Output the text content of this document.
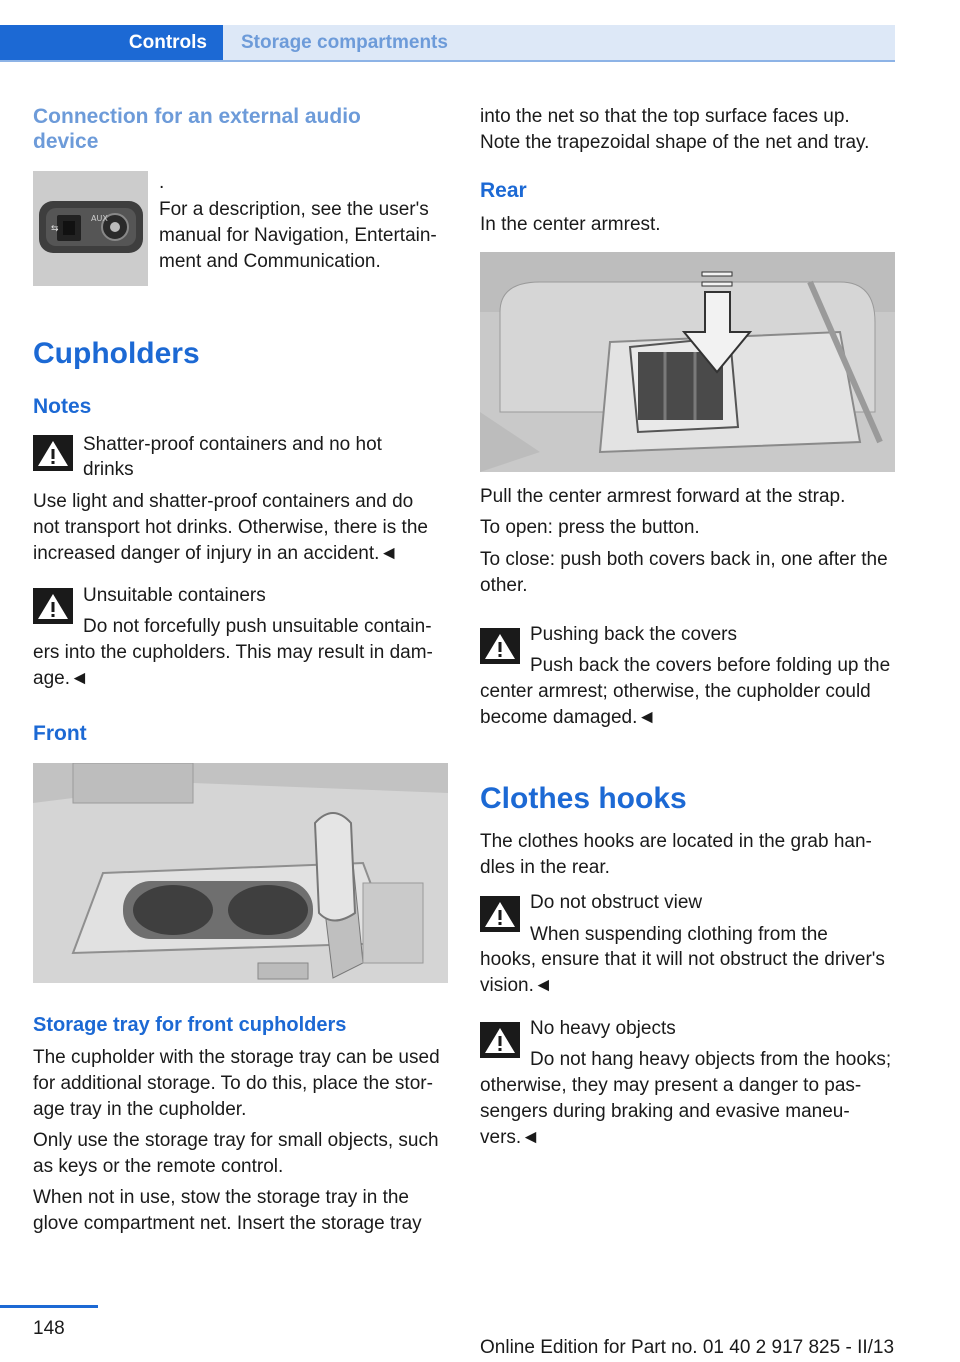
Controls Storage compartments
Connection for an external audio
device
⇆
AUX
.
For a description, see the user's
manual for Navigation, Entertain-
ment and Communication.
Cupholders
Notes
Shatter-proof containers and no hot
drinks
Use light and shatter-proof containers and do
not transport hot drinks. Otherwise, there is the
increased danger of injury in an accident.◄
Unsuitable containers
Do not forcefully push unsuitable contain-
ers into the cupholders. This may result in dam-
age.◄
Front
Storage tray for front cupholders
The cupholder with the storage tray can be used
for additional storage. To do this, place the stor-
age tray in the cupholder.
Only use the storage tray for small objects, such
as keys or the remote control.
When not in use, stow the storage tray in the
glove compartment net. Insert the storage tray
into the net so that the top surface faces up.
Note the trapezoidal shape of the net and tray.
Rear
In the center armrest.
Pull the center armrest forward at the strap.
To open: press the button.
To close: push both covers back in, one after the
other.
Pushing back the covers
Push back the covers before folding up the
center armrest; otherwise, the cupholder could
become damaged.◄
Clothes hooks
The clothes hooks are located in the grab han-
dles in the rear.
Do not obstruct view
When suspending clothing from the
hooks, ensure that it will not obstruct the driver's
vision.◄
No heavy objects
Do not hang heavy objects from the hooks;
otherwise, they may present a danger to pas-
sengers during braking and evasive maneu-
vers.◄
148
Online Edition for Part no. 01 40 2 917 825 - II/13
